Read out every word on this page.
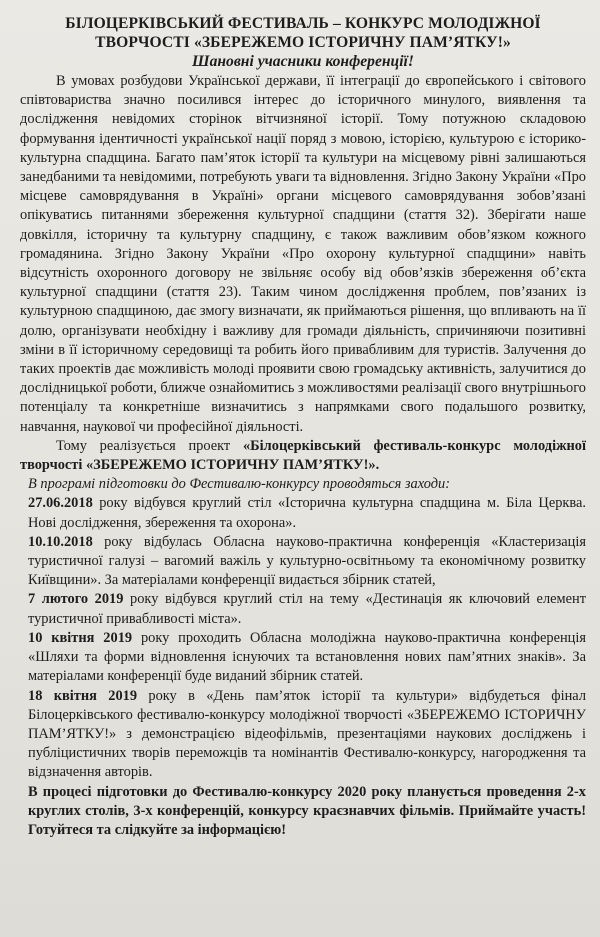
БІЛОЦЕРКІВСЬКИЙ ФЕСТИВАЛЬ – КОНКУРС МОЛОДІЖНОЇ
ТВОРЧОСТІ «ЗБЕРЕЖЕМО ІСТОРИЧНУ ПАМ’ЯТКУ!»
Шановні учасники конференції!

В умовах розбудови Української держави, її інтеграції до європейського і світового співтовариства значно посилився інтерес до історичного минулого, виявлення та дослідження невідомих сторінок вітчизняної історії. Тому потужною складовою формування ідентичності української нації поряд з мовою, історією, культурою є історико-культурна спадщина. Багато пам’яток історії та культури на місцевому рівні залишаються занедбаними та невідомими, потребують уваги та відновлення. Згідно Закону України «Про місцеве самоврядування в Україні» органи місцевого самоврядування зобов’язані опікуватись питаннями збереження культурної спадщини (стаття 32). Зберігати наше довкілля, історичну та культурну спадщину, є також важливим обов’язком кожного громадянина. Згідно Закону України «Про охорону культурної спадщини» навіть відсутність охоронного договору не звільняє особу від обов’язків збереження об’єкта культурної спадщини (стаття 23). Таким чином дослідження проблем, пов’язаних із культурною спадщиною, дає змогу визначати, як приймаються рішення, що впливають на її долю, організувати необхідну і важливу для громади діяльність, спричиняючи позитивні зміни в її історичному середовищі та робить його привабливим для туристів. Залучення до таких проектів дає можливість молоді проявити свою громадську активність, залучитися до дослідницької роботи, ближче ознайомитись з можливостями реалізації свого внутрішнього потенціалу та конкретніше визначитись з напрямками свого подальшого розвитку, навчання, наукової чи професійної діяльності.

Тому реалізується проект «Білоцерківський фестиваль-конкурс молодіжної творчості «ЗБЕРЕЖЕМО ІСТОРИЧНУ ПАМ’ЯТКУ!».

В програмі підготовки до Фестивалю-конкурсу проводяться заходи:

27.06.2018 року відбувся круглий стіл «Історична культурна спадщина м. Біла Церква. Нові дослідження, збереження та охорона».

10.10.2018 року відбулась Обласна науково-практична конференція «Кластеризація туристичної галузі – вагомий важіль у культурно-освітньому та економічному розвитку Київщини». За матеріалами конференції видається збірник статей,

7 лютого 2019 року відбувся круглий стіл на тему «Дестинація як ключовий елемент туристичної привабливості міста».

10 квітня 2019 року проходить Обласна молодіжна науково-практична конференція «Шляхи та форми відновлення існуючих та встановлення нових пам’ятних знаків». За матеріалами конференції буде виданий збірник статей.

18 квітня 2019 року в «День пам’яток історії та культури» відбудеться фінал Білоцерківського фестивалю-конкурсу молодіжної творчості «ЗБЕРЕЖЕМО ІСТОРИЧНУ ПАМ’ЯТКУ!» з демонстрацією відеофільмів, презентаціями наукових досліджень і публіцистичних творів переможців та номінантів Фестивалю-конкурсу, нагородження та відзначення авторів.

В процесі підготовки до Фестивалю-конкурсу 2020 року планується проведення 2-х круглих столів, 3-х конференцій, конкурсу краєзнавчих фільмів. Приймайте участь! Готуйтеся та слідкуйте за інформацією!
